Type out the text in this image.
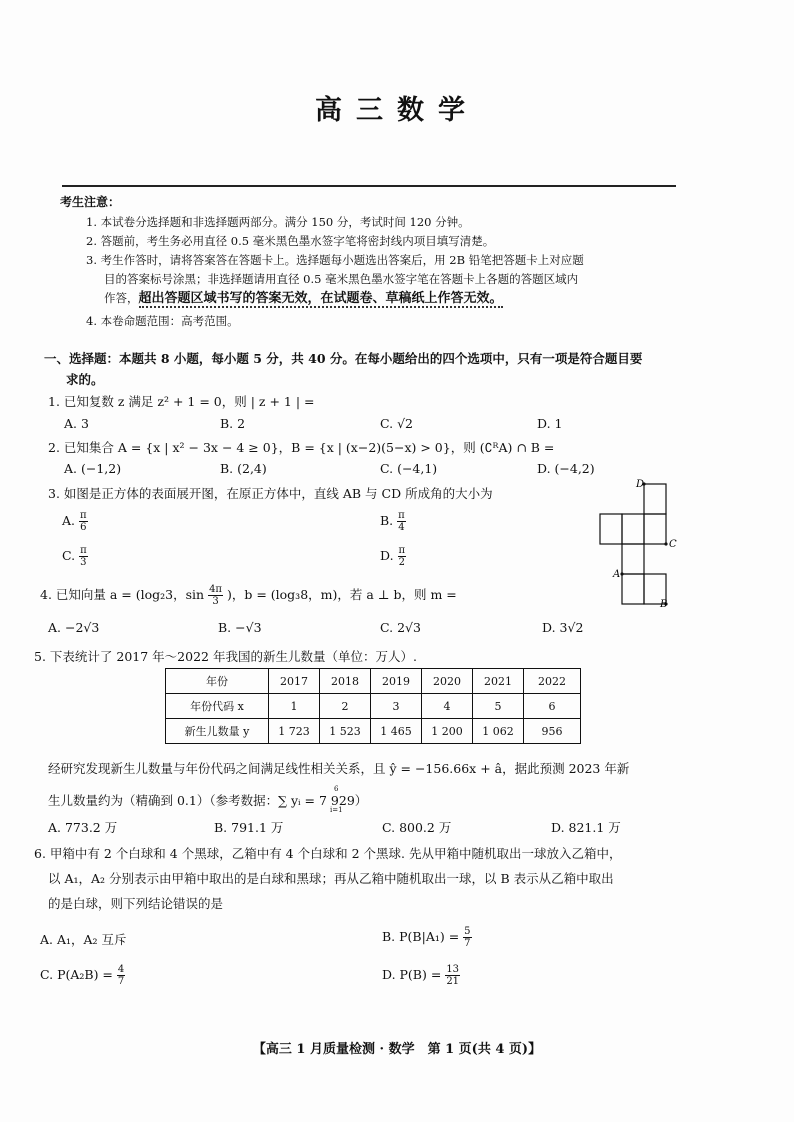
高三数学
考生注意：
1. 本试卷分选择题和非选择题两部分。满分 150 分，考试时间 120 分钟。
2. 答题前，考生务必用直径 0.5 毫米黑色墨水签字笔将密封线内项目填写清楚。
3. 考生作答时，请将答案答在答题卡上。选择题每小题选出答案后，用 2B 铅笔把答题卡上对应题
目的答案标号涂黑；非选择题请用直径 0.5 毫米黑色墨水签字笔在答题卡上各题的答题区域内
作答，超出答题区域书写的答案无效，在试题卷、草稿纸上作答无效。
4. 本卷命题范围：高考范围。
一、选择题：本题共 8 小题，每小题 5 分，共 40 分。在每小题给出的四个选项中，只有一项是符合题目要
求的。
1. 已知复数 z 满足 z² + 1 = 0，则 | z + 1 | =
A. 3	B. 2	C. √2	D. 1
2. 已知集合 A = {x | x² − 3x − 4 ≥ 0}，B = {x | (x−2)(5−x) > 0}，则 (∁ᴿA) ∩ B =
A. (−1,2)	B. (2,4)	C. (−4,1)	D. (−4,2)
3. 如图是正方体的表面展开图，在原正方体中，直线 AB 与 CD 所成角的大小为
A. $\frac{\pi}{6}$	B. $\frac{\pi}{4}$
C. $\frac{\pi}{3}$	D. $\frac{\pi}{2}$
D
C
A
B
4. 已知向量 a = (log₂3，$\sin \frac{4\pi}{3}$ )，b = (log₃8，m)，若 a ⊥ b，则 m =
A. −2√3	B. −√3	C. 2√3	D. 3√2
5. 下表统计了 2017 年～2022 年我国的新生儿数量（单位：万人）.
年份	2017	2018	2019	2020	2021	2022
年份代码 x	1	2	3	4	5	6
新生儿数量 y	1 723	1 523	1 465	1 200	1 062	956
经研究发现新生儿数量与年份代码之间满足线性相关关系，且 ŷ = −156.66x + â，据此预测 2023 年新
生儿数量约为（精确到 0.1）（参考数据：∑ yᵢ = 7 929）
6
i=1
A. 773.2 万	B. 791.1 万	C. 800.2 万	D. 821.1 万
6. 甲箱中有 2 个白球和 4 个黑球，乙箱中有 4 个白球和 2 个黑球. 先从甲箱中随机取出一球放入乙箱中，
以 A₁，A₂ 分别表示由甲箱中取出的是白球和黑球；再从乙箱中随机取出一球，以 B 表示从乙箱中取出
的是白球，则下列结论错误的是
A. A₁，A₂ 互斥	B. $P(B|A_1) = \frac{5}{7}$
C. $P(A_2B) = \frac{4}{7}$	D. $P(B) = \frac{13}{21}$
【高三 1 月质量检测 · 数学　第 1 页(共 4 页)】
